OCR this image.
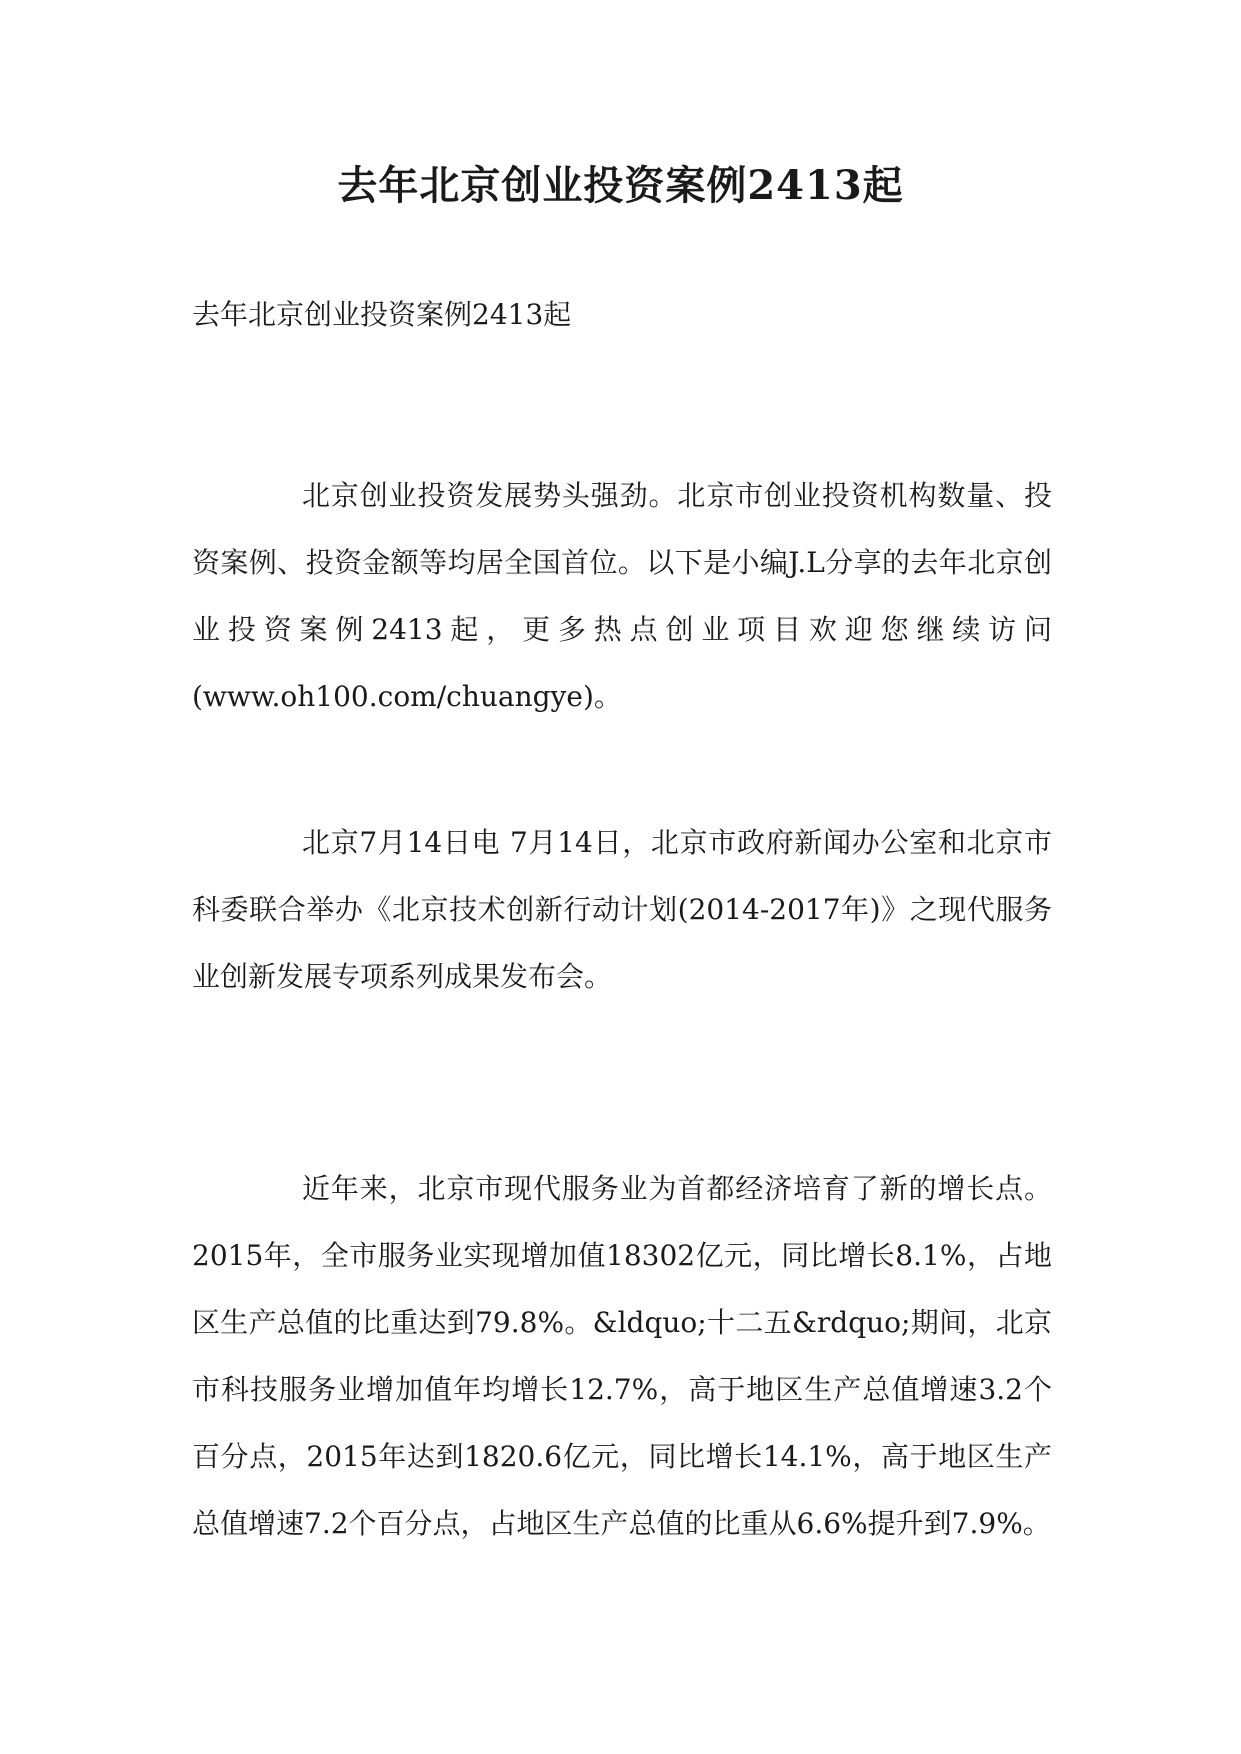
去年北京创业投资案例2413起
去年北京创业投资案例2413起

北京创业投资发展势头强劲。北京市创业投资机构数量、投资案例、投资金额等均居全国首位。以下是小编J.L分享的去年北京创业投资案例2413起，更多热点创业项目欢迎您继续访问(www.oh100.com/chuangye)。

北京7月14日电 7月14日，北京市政府新闻办公室和北京市科委联合举办《北京技术创新行动计划(2014-2017年)》之现代服务业创新发展专项系列成果发布会。

近年来，北京市现代服务业为首都经济培育了新的增长点。2015年，全市服务业实现增加值18302亿元，同比增长8.1%，占地区生产总值的比重达到79.8%。&ldquo;十二五&rdquo;期间，北京市科技服务业增加值年均增长12.7%，高于地区生产总值增速3.2个百分点，2015年达到1820.6亿元，同比增长14.1%，高于地区生产总值增速7.2个百分点，占地区生产总值的比重从6.6%提升到7.9%。
